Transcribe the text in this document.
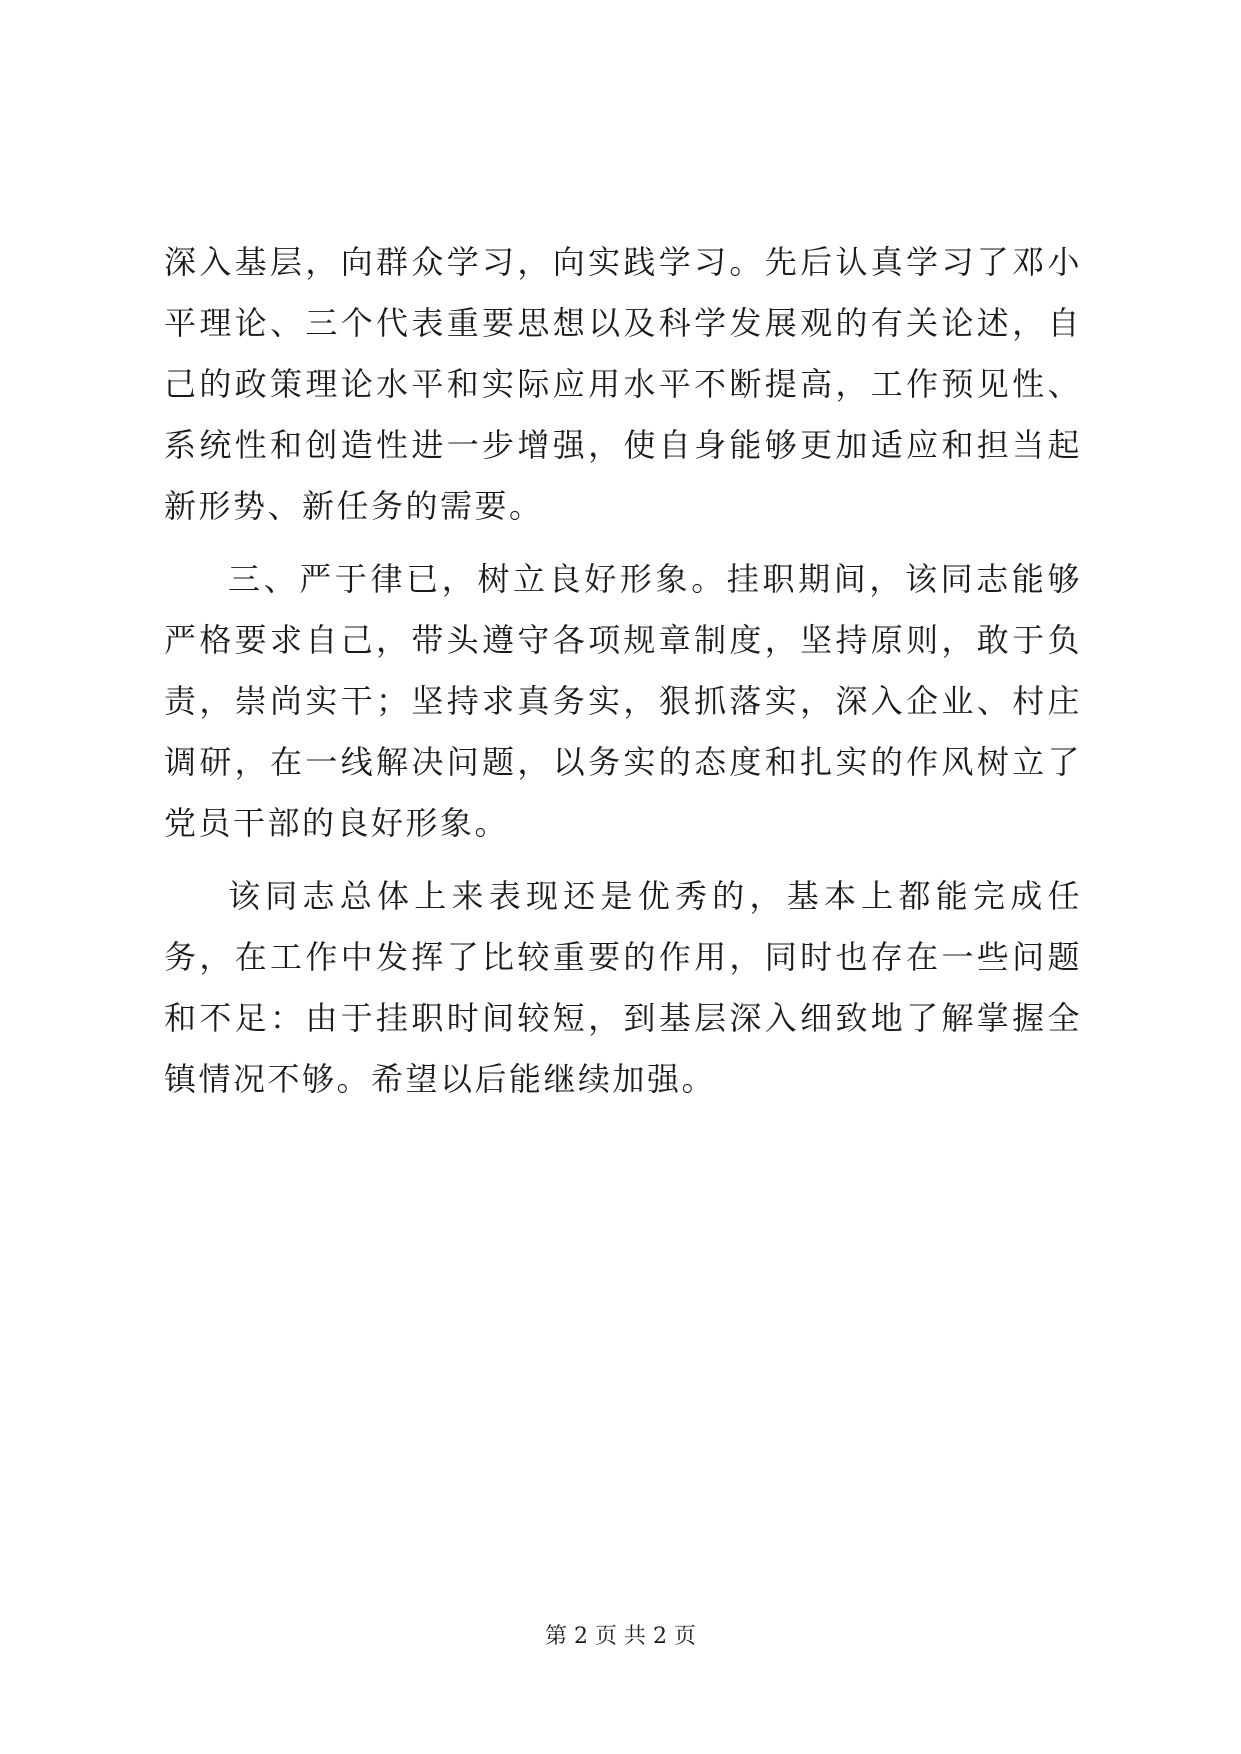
深入基层，向群众学习，向实践学习。先后认真学习了邓小平理论、三个代表重要思想以及科学发展观的有关论述，自己的政策理论水平和实际应用水平不断提高，工作预见性、系统性和创造性进一步增强，使自身能够更加适应和担当起新形势、新任务的需要。

三、严于律已，树立良好形象。挂职期间，该同志能够严格要求自己，带头遵守各项规章制度，坚持原则，敢于负责，崇尚实干；坚持求真务实，狠抓落实，深入企业、村庄调研，在一线解决问题，以务实的态度和扎实的作风树立了党员干部的良好形象。

该同志总体上来表现还是优秀的，基本上都能完成任务，在工作中发挥了比较重要的作用，同时也存在一些问题和不足：由于挂职时间较短，到基层深入细致地了解掌握全镇情况不够。希望以后能继续加强。

第 2 页 共 2 页
